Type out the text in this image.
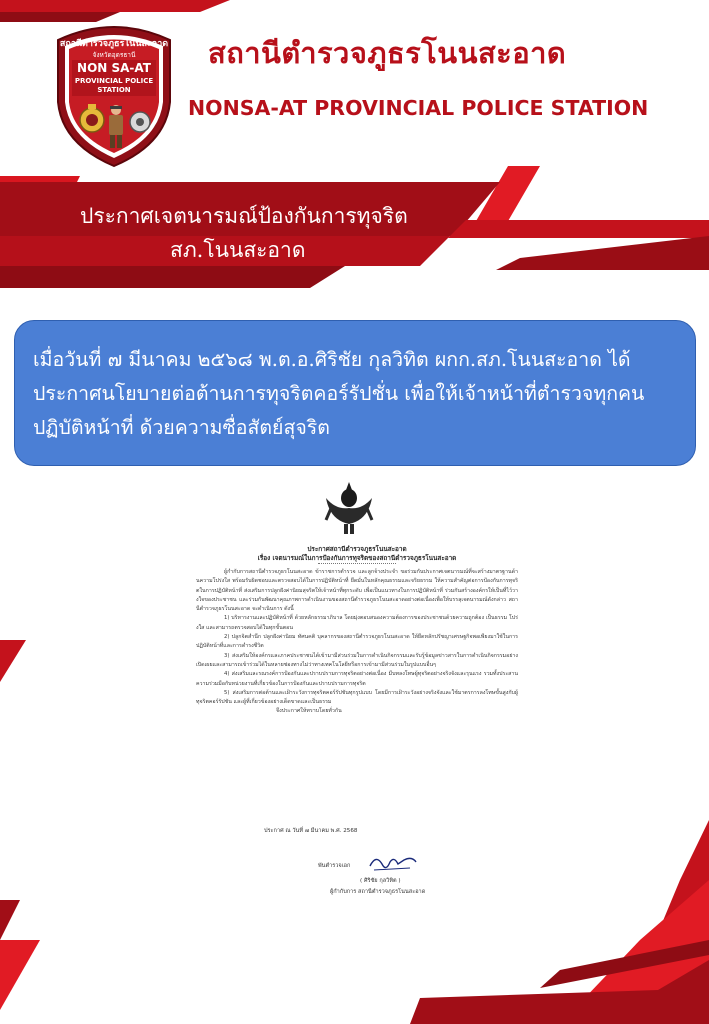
สถานีตำรวจภูธรโนนสะอาด
จังหวัดอุดรธานี
NON SA-AT
PROVINCIAL POLICE
STATION
สถานีตำรวจภูธรโนนสะอาด
NONSA-AT PROVINCIAL POLICE STATION
ประกาศเจตนารมณ์ป้องกันการทุจริต
สภ.โนนสะอาด

เมื่อวันที่ ๗ มีนาคม ๒๕๖๘ พ.ต.อ.ศิริชัย กุลวิทิต ผกก.สภ.โนนสะอาด ได้ประกาศนโยบายต่อต้านการทุจริตคอร์รัปชั่น เพื่อให้เจ้าหน้าที่ตำรวจทุกคนปฏิบัติหน้าที่ ด้วยความซื่อสัตย์สุจริต

ประกาศสถานีตำรวจภูธรโนนสะอาด
เรื่อง เจตนารมณ์ในการป้องกันการทุจริตของสถานีตำรวจภูธรโนนสะอาด

ผู้กำกับการสถานีตำรวจภูธรโนนสะอาด ข้าราชการตำรวจ และลูกจ้างประจำ ขอร่วมกันประกาศเจตนารมณ์ที่จะสร้างมาตรฐานด้านความโปร่งใส พร้อมรับผิดชอบและตรวจสอบได้ในการปฏิบัติหน้าที่ ยึดมั่นในหลักคุณธรรมและจริยธรรม ให้ความสำคัญต่อการป้องกันการทุจริตในการปฏิบัติหน้าที่ ส่งเสริมการปลูกฝังค่านิยมสุจริตให้เจ้าหน้าที่ทุกระดับ เพื่อเป็นแนวทางในการปฏิบัติหน้าที่ ร่วมกันสร้างองค์กรให้เป็นที่ไว้วางใจของประชาชน และร่วมกันพัฒนาคุณภาพการดำเนินงานของสถานีตำรวจภูธรโนนสะอาดอย่างต่อเนื่องเพื่อให้บรรลุเจตนารมณ์ดังกล่าว สถานีตำรวจภูธรโนนสะอาด จะดำเนินการ ดังนี้

1) บริหารงานและปฏิบัติหน้าที่ ด้วยหลักธรรมาภิบาล โดยมุ่งตอบสนองความต้องการของประชาชนด้วยความถูกต้อง เป็นธรรม โปร่งใส และสามารถตรวจสอบได้ในทุกขั้นตอน

2) ปลูกจิตสำนึก ปลูกฝังค่านิยม ทัศนคติ บุคลากรของสถานีตำรวจภูธรโนนสะอาด ให้ยึดหลักปรัชญาเศรษฐกิจพอเพียงมาใช้ในการปฏิบัติหน้าที่และการดำรงชีวิต

3) ส่งเสริมให้องค์กรและภาคประชาชนได้เข้ามามีส่วนร่วมในการดำเนินกิจกรรมและรับรู้ข้อมูลข่าวสารในการดำเนินกิจกรรมอย่างเปิดเผยและสามารถเข้าร่วมได้ในหลายช่องทางไม่ว่าทางเทคโนโลยีหรือการเข้ามามีส่วนร่วมในรูปแบบอื่นๆ

4) ส่งเสริมและรณรงค์การป้องกันและปราบปรามการทุจริตอย่างต่อเนื่อง มีบทลงโทษผู้ทุจริตอย่างจริงจังและรุนแรง รวมทั้งประสานความร่วมมือกับหน่วยงานที่เกี่ยวข้องในการป้องกันและปราบปรามการทุจริต

5) ส่งเสริมการต่อต้านและเฝ้าระวังการทุจริตคอร์รัปชันทุกรูปแบบ โดยมีการเฝ้าระวังอย่างจริงจังและใช้มาตรการลงโทษขั้นสูงกับผู้ทุจริตคอร์รัปชัน และผู้ที่เกี่ยวข้องอย่างเด็ดขาดและเป็นธรรม

จึงประกาศให้ทราบโดยทั่วกัน

ประกาศ ณ วันที่ ๗ มีนาคม พ.ศ. 2568
พันตำรวจเอก
( ศิริชัย กุลวิทิต )
ผู้กำกับการ สถานีตำรวจภูธรโนนสะอาด
